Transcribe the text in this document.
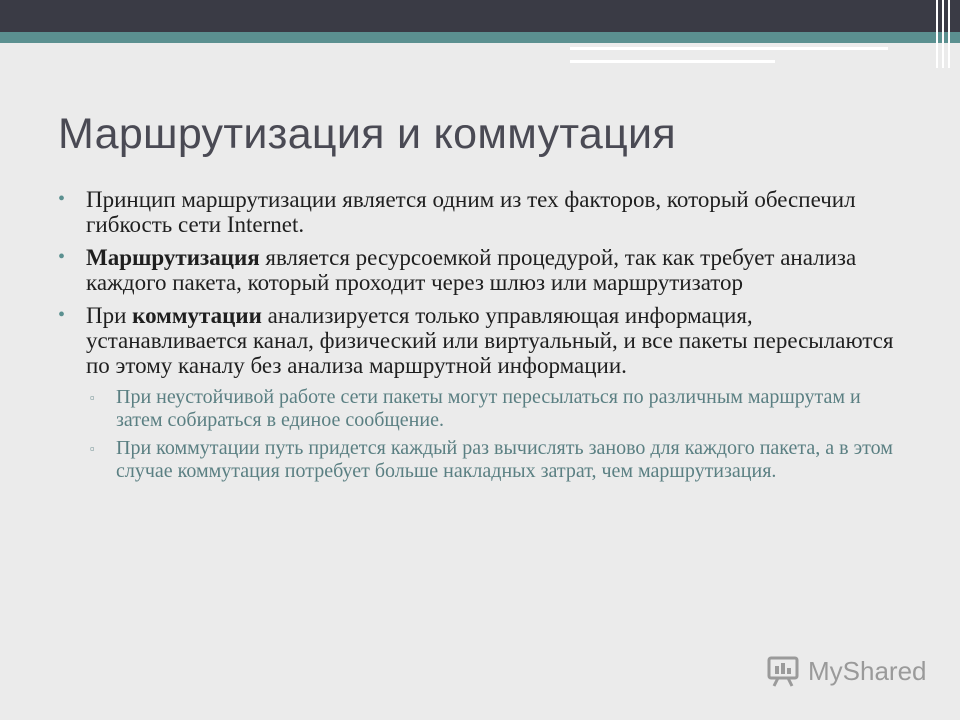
Маршрутизация и коммутация
• Принцип маршрутизации является одним из тех факторов, который обеспечил гибкость сети Internet.
• Маршрутизация является ресурсоемкой процедурой, так как требует анализа каждого пакета, который проходит через шлюз или маршрутизатор
• При коммутации анализируется только управляющая информация, устанавливается канал, физический или виртуальный, и все пакеты пересылаются по этому каналу без анализа маршрутной информации.
▫ При неустойчивой работе сети пакеты могут пересылаться по различным маршрутам и затем собираться в единое сообщение.
▫ При коммутации путь придется каждый раз вычислять заново для каждого пакета, а в этом случае коммутация потребует больше накладных затрат, чем маршрутизация.
MyShared
